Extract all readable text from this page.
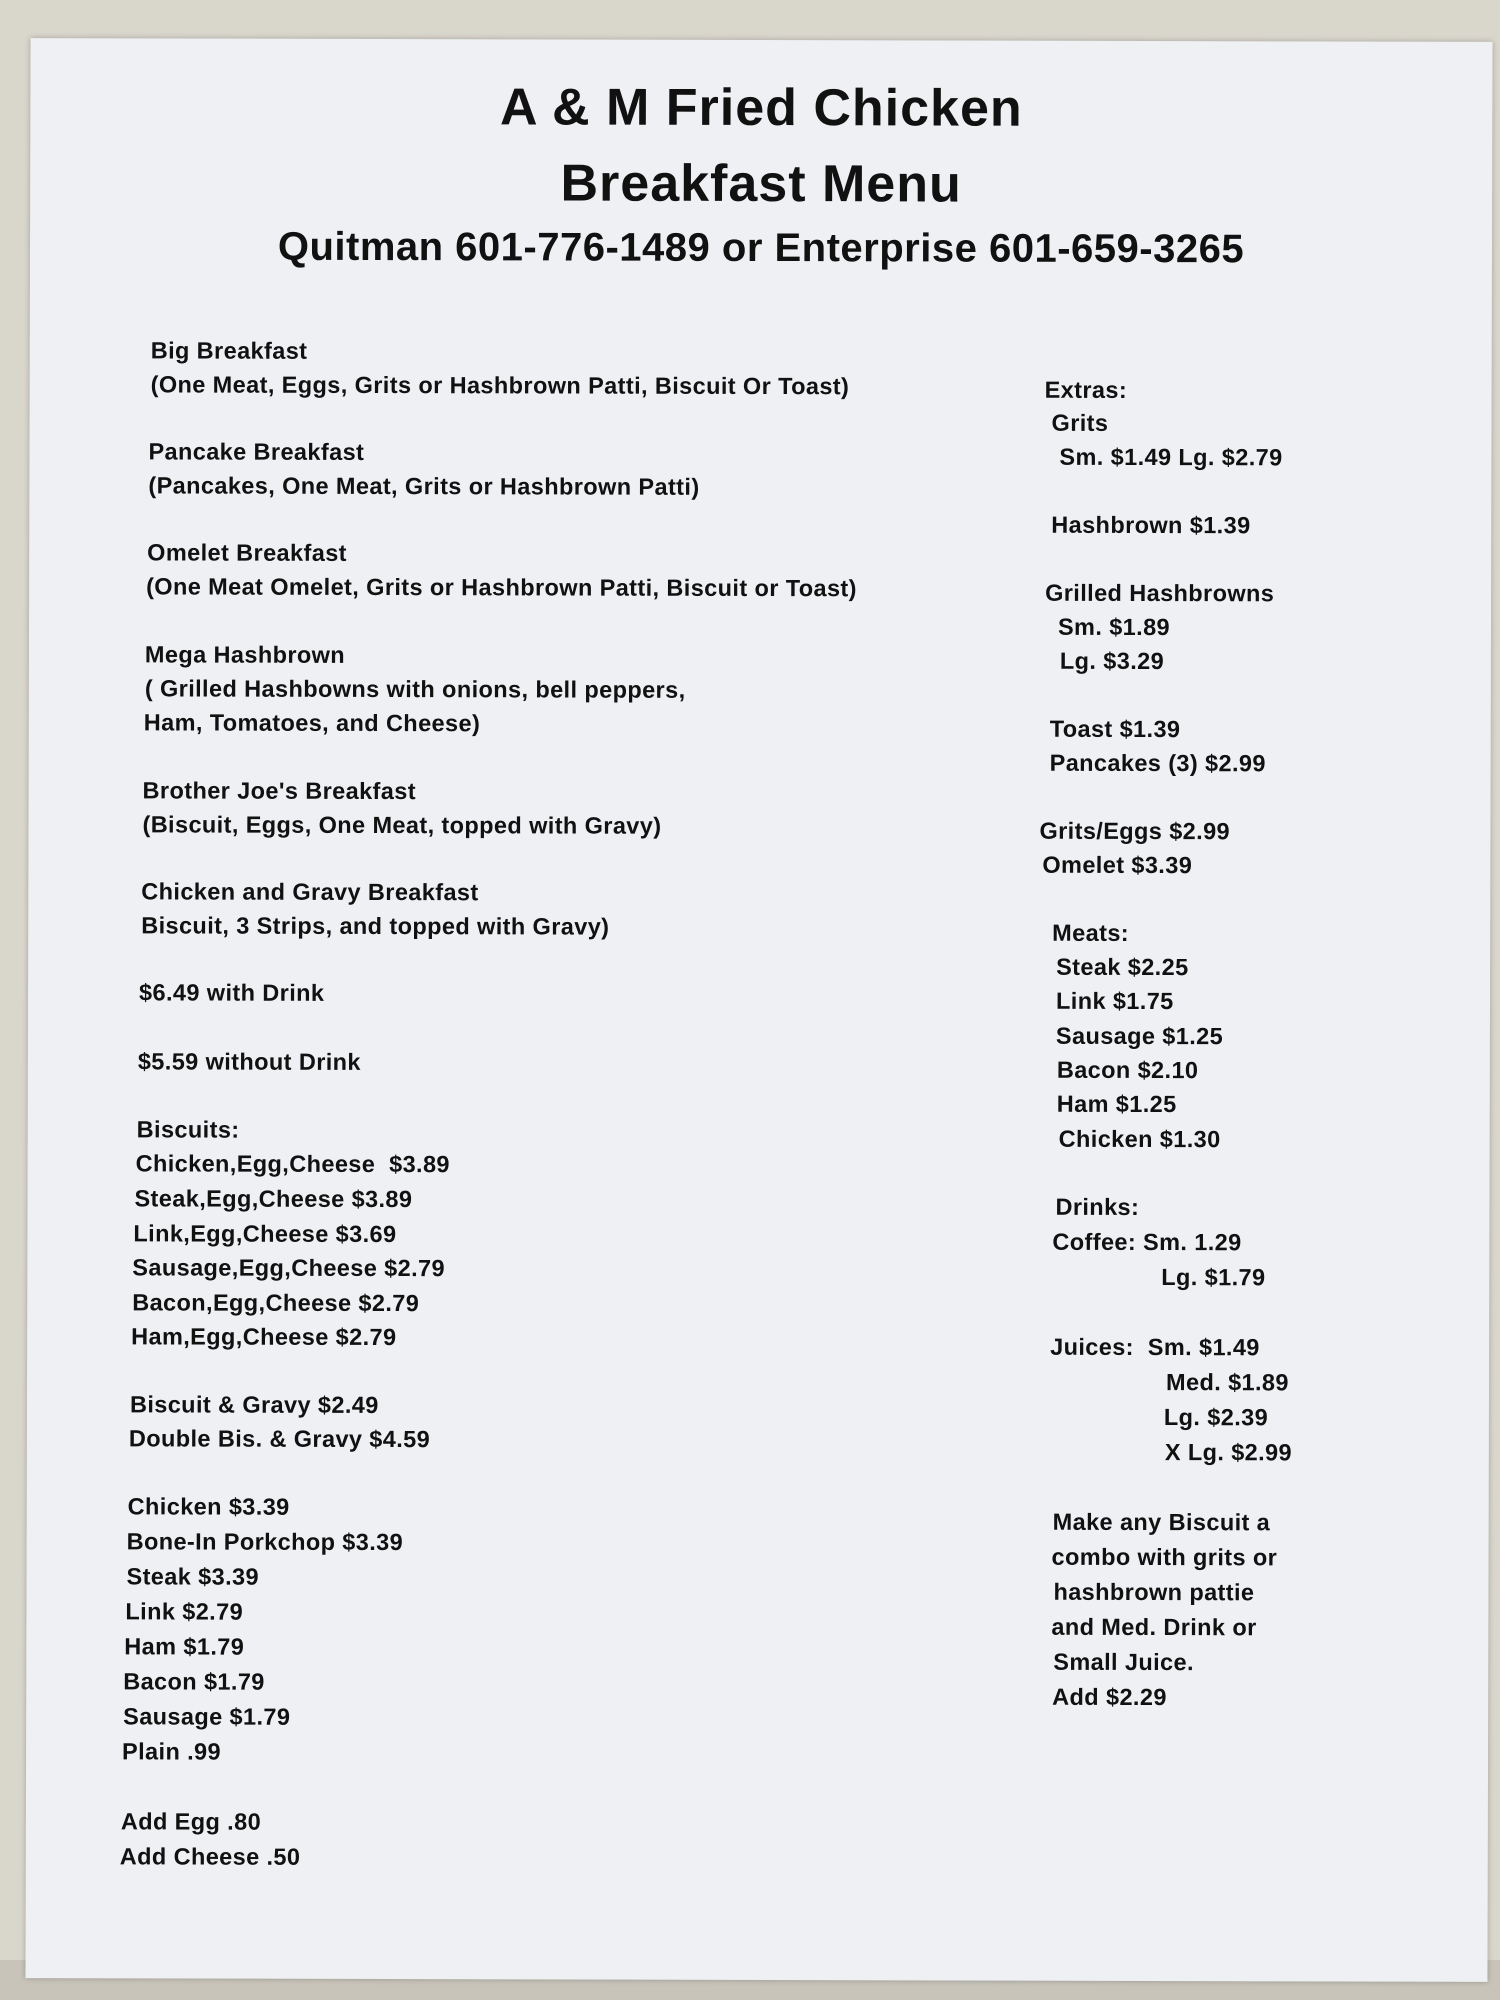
A & M Fried Chicken
Breakfast Menu
Quitman 601-776-1489 or Enterprise 601-659-3265
Big Breakfast
(One Meat, Eggs, Grits or Hashbrown Patti, Biscuit Or Toast)
Pancake Breakfast
(Pancakes, One Meat, Grits or Hashbrown Patti)
Omelet Breakfast
(One Meat Omelet, Grits or Hashbrown Patti, Biscuit or Toast)
Mega Hashbrown
( Grilled Hashbowns with onions, bell peppers,
Ham, Tomatoes, and Cheese)
Brother Joe's Breakfast
(Biscuit, Eggs, One Meat, topped with Gravy)
Chicken and Gravy Breakfast
Biscuit, 3 Strips, and topped with Gravy)
$6.49 with Drink
$5.59 without Drink
Biscuits:
Chicken,Egg,Cheese  $3.89
Steak,Egg,Cheese $3.89
Link,Egg,Cheese $3.69
Sausage,Egg,Cheese $2.79
Bacon,Egg,Cheese $2.79
Ham,Egg,Cheese $2.79
Biscuit & Gravy $2.49
Double Bis. & Gravy $4.59
Chicken $3.39
Bone-In Porkchop $3.39
Steak $3.39
Link $2.79
Ham $1.79
Bacon $1.79
Sausage $1.79
Plain .99
Add Egg .80
Add Cheese .50
Extras:
Grits
Sm. $1.49 Lg. $2.79
Hashbrown $1.39
Grilled Hashbrowns
Sm. $1.89
Lg. $3.29
Toast $1.39
Pancakes (3) $2.99
Grits/Eggs $2.99
Omelet $3.39
Meats:
Steak $2.25
Link $1.75
Sausage $1.25
Bacon $2.10
Ham $1.25
Chicken $1.30
Drinks:
Coffee: Sm. 1.29
Lg. $1.79
Juices:  Sm. $1.49
Med. $1.89
Lg. $2.39
X Lg. $2.99
Make any Biscuit a
combo with grits or
hashbrown pattie
and Med. Drink or
Small Juice.
Add $2.29
